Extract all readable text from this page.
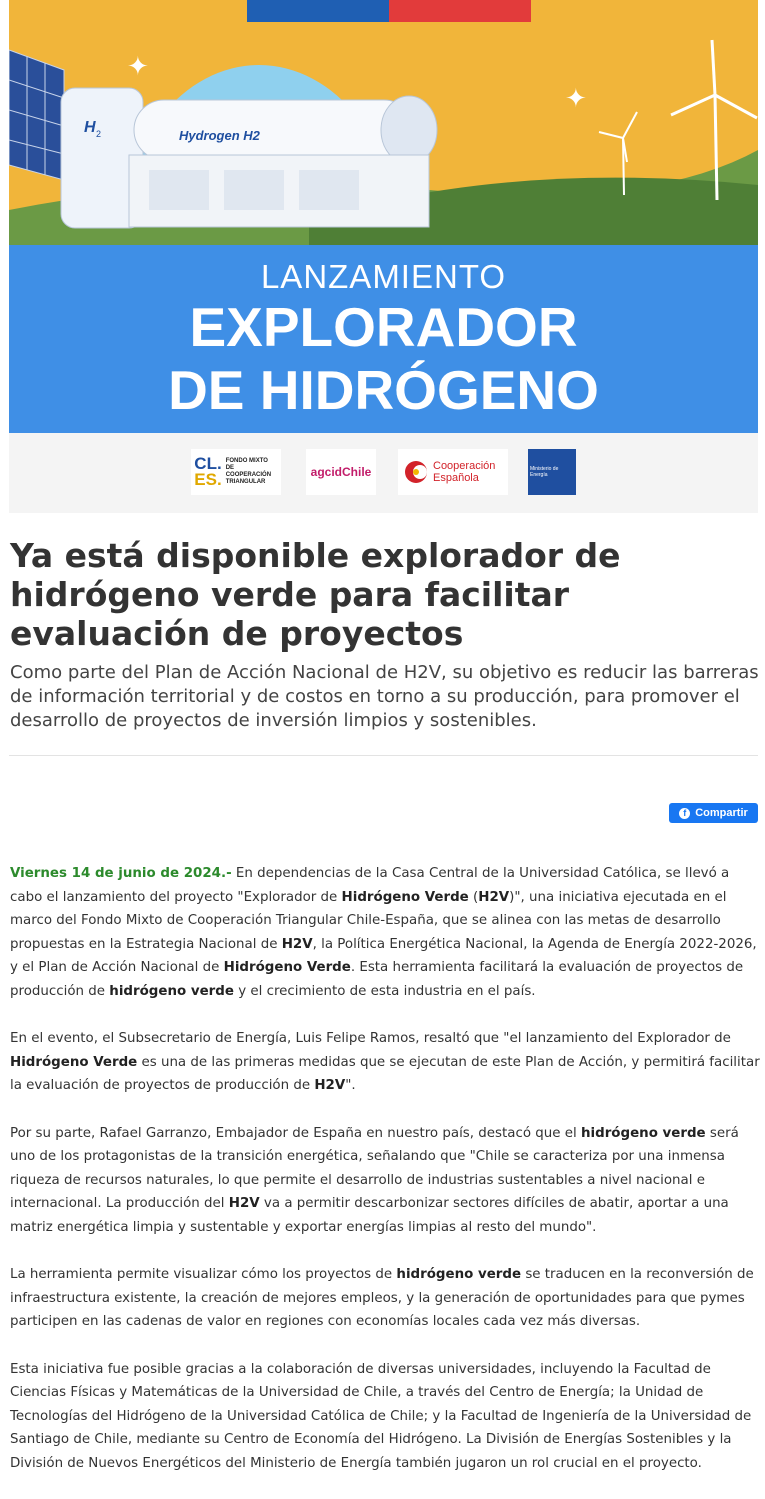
H 2	Hydrogen H2
✦
✦
LANZAMIENTO
EXPLORADOR
DE HIDRÓGENO
CL.
ES.
FONDO MIXTO DE COOPERACIÓN TRIANGULAR
agcidChile	Cooperación Española
Ministerio de Energía
Ya está disponible explorador de hidrógeno verde para facilitar evaluación de proyectos

Como parte del Plan de Acción Nacional de H2V, su objetivo es reducir las barreras de información territorial y de costos en torno a su producción, para promover el desarrollo de proyectos de inversión limpios y sostenibles.

f Compartir

Viernes 14 de junio de 2024.- En dependencias de la Casa Central de la Universidad Católica, se llevó a cabo el lanzamiento del proyecto "Explorador de Hidrógeno Verde (H2V)", una iniciativa ejecutada en el marco del Fondo Mixto de Cooperación Triangular Chile-España, que se alinea con las metas de desarrollo propuestas en la Estrategia Nacional de H2V, la Política Energética Nacional, la Agenda de Energía 2022-2026, y el Plan de Acción Nacional de Hidrógeno Verde. Esta herramienta facilitará la evaluación de proyectos de producción de hidrógeno verde y el crecimiento de esta industria en el país.

En el evento, el Subsecretario de Energía, Luis Felipe Ramos, resaltó que "el lanzamiento del Explorador de Hidrógeno Verde es una de las primeras medidas que se ejecutan de este Plan de Acción, y permitirá facilitar la evaluación de proyectos de producción de H2V".

Por su parte, Rafael Garranzo, Embajador de España en nuestro país, destacó que el hidrógeno verde será uno de los protagonistas de la transición energética, señalando que "Chile se caracteriza por una inmensa riqueza de recursos naturales, lo que permite el desarrollo de industrias sustentables a nivel nacional e internacional. La producción del H2V va a permitir descarbonizar sectores difíciles de abatir, aportar a una matriz energética limpia y sustentable y exportar energías limpias al resto del mundo".

La herramienta permite visualizar cómo los proyectos de hidrógeno verde se traducen en la reconversión de infraestructura existente, la creación de mejores empleos, y la generación de oportunidades para que pymes participen en las cadenas de valor en regiones con economías locales cada vez más diversas.

Esta iniciativa fue posible gracias a la colaboración de diversas universidades, incluyendo la Facultad de Ciencias Físicas y Matemáticas de la Universidad de Chile, a través del Centro de Energía; la Unidad de Tecnologías del Hidrógeno de la Universidad Católica de Chile; y la Facultad de Ingeniería de la Universidad de Santiago de Chile, mediante su Centro de Economía del Hidrógeno. La División de Energías Sostenibles y la División de Nuevos Energéticos del Ministerio de Energía también jugaron un rol crucial en el proyecto.
